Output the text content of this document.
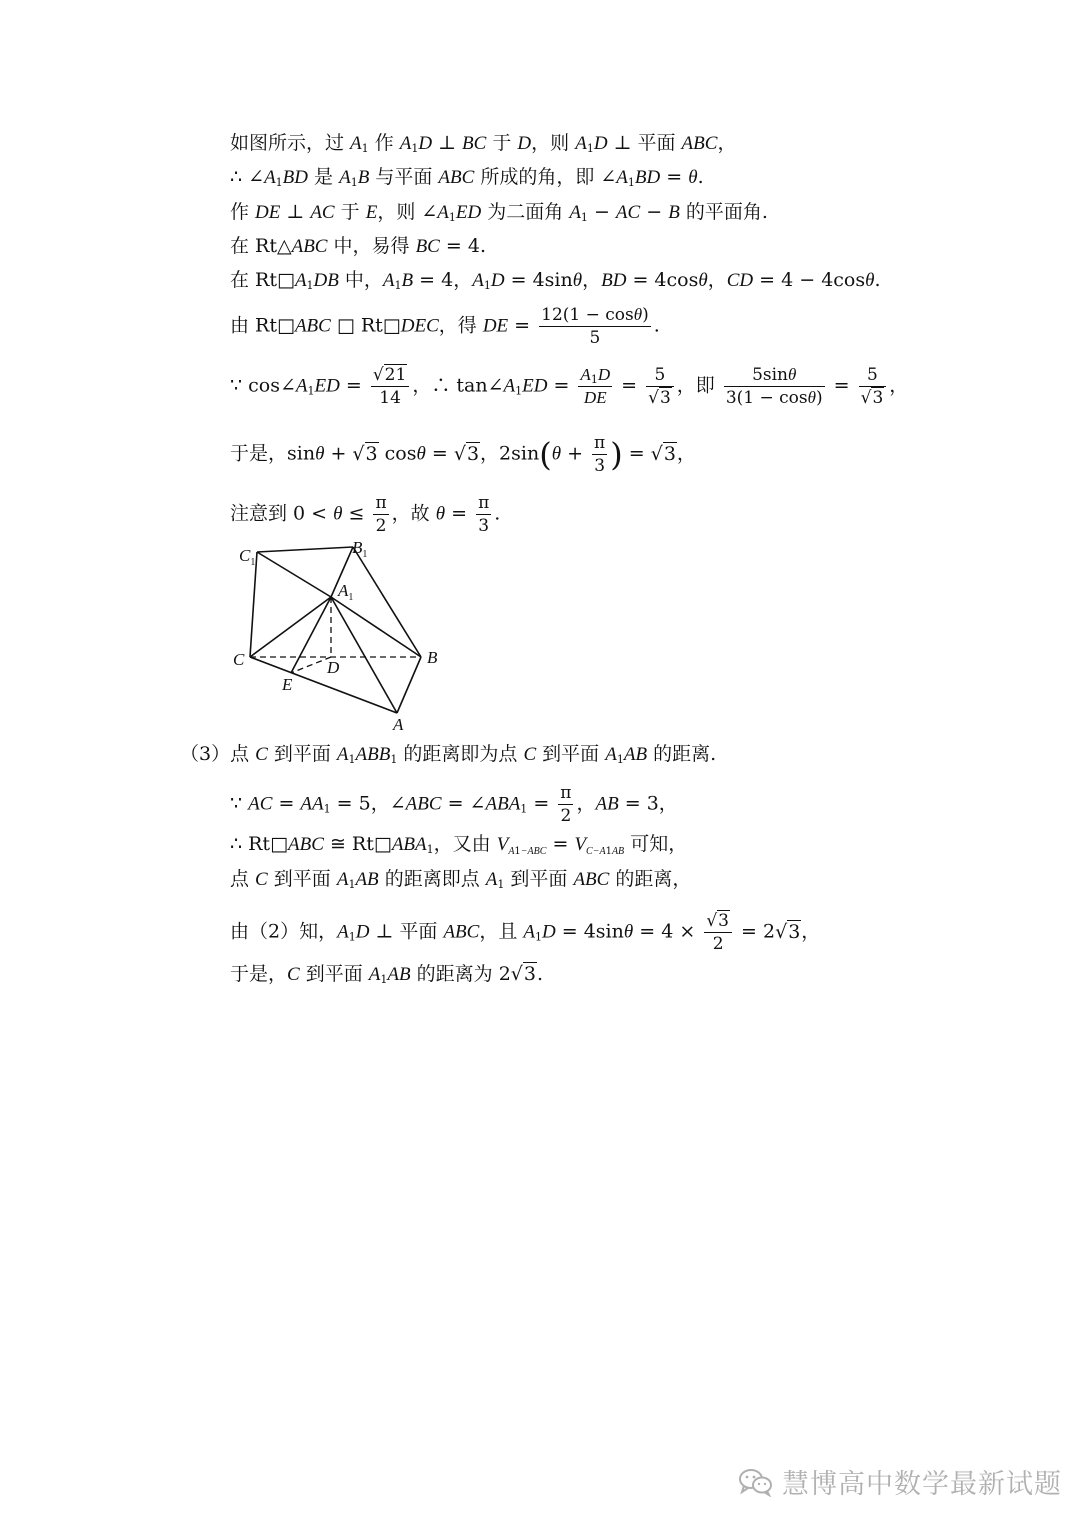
如图所示，过 $A_1$ 作 $A_1D$ ⊥ BC 于 D，则 $A_1D$ ⊥ 平面 ABC，
∴ $\angle A_1BD$ 是 $A_1B$ 与平面 ABC 所成的角，即 $\angle A_1BD = \theta$.
作 DE ⊥ AC 于 E，则 $\angle A_1ED$ 为二面角 $A_1$ − AC − B 的平面角.
在 Rt△ABC 中，易得 BC = 4.
在 $Rt□A_1DB$ 中，$A_1B = 4$，$A_1D = 4\sin\theta$，BD = 4cosθ，CD = 4 − 4cosθ.
由 Rt□ABC □ Rt□DEC，得 DE = $\frac{12(1 - \cos\theta)}{5}$ .
∵ $\cos\angle A_1ED = \frac{√21}{14}$ ，∴ $\tan\angle A_1ED = \frac{A_1D}{DE} = \frac{5}{√3}$ ，即 $\frac{5\sin\theta}{3(1 - \cos\theta)} = \frac{5}{√3}$ ，
于是，sinθ + √3 cosθ = √3，$2\sin(\theta + \frac{\pi}{3}$ ) = √3，
注意到 $0 < \theta \le \frac{\pi}{2}$ ，故 $\theta = \frac{\pi}{3}$ .
$C_1$
$B_1$
$A_1$
C	D
B
E
A
（3）点 C 到平面 $A_1ABB_1$ 的距离即为点 C 到平面 $A_1AB$ 的距离.
∵ AC = $AA_1 = 5$，∠ABC = $\angle ABA_1 = \frac{\pi}{2}$ ，AB = 3，
∴ Rt□ABC ≅ $Rt□ABA_1$，又由 $V_{A1-ABC} = V_{C-A1AB}$ 可知，
点 C 到平面 $A_1AB$ 的距离即点 $A_1$ 到平面 ABC 的距离，
由（2）知，$A_1D$ ⊥ 平面 ABC，且 $A_1D = 4\sin\theta = 4 \times \frac{√3}{2} = 2√3$，
于是，C 到平面 $A_1AB$ 的距离为 2√3.
慧博高中数学最新试题
